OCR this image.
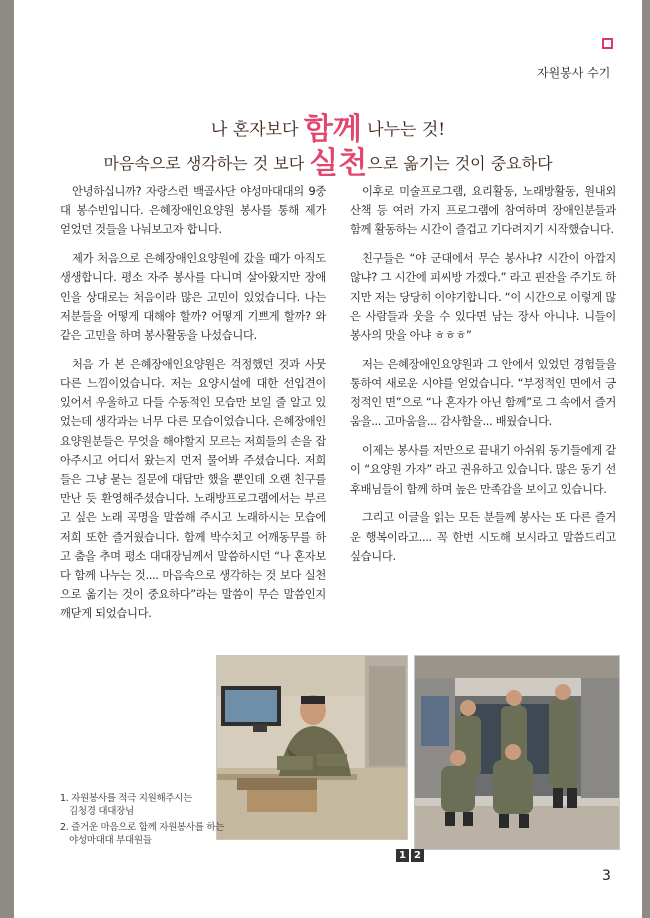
자원봉사 수기
나 혼자보다 함께 나누는 것!
마음속으로 생각하는 것 보다 실천으로 옮기는 것이 중요하다

안녕하십니까? 자랑스런 백골사단 야성마대대의 9중대 봉수빈입니다. 은혜장애인요양원 봉사를 통해 제가 얻었던 것들을 나눠보고자 합니다.

제가 처음으로 은혜장애인요양원에 갔을 때가 아직도 생생합니다. 평소 자주 봉사를 다니며 살아왔지만 장애인을 상대로는 처음이라 많은 고민이 있었습니다. 나는 저분들을 어떻게 대해야 할까? 어떻게 기쁘게 할까? 와 같은 고민을 하며 봉사활동을 나섰습니다.

처음 가 본 은혜장애인요양원은 걱정했던 것과 사뭇 다른 느낌이었습니다. 저는 요양시설에 대한 선입견이 있어서 우울하고 다들 수동적인 모습만 보일 줄 알고 있었는데 생각과는 너무 다른 모습이었습니다. 은혜장애인요양원분들은 무엇을 해야할지 모르는 저희들의 손을 잡아주시고 어디서 왔는지 먼저 물어봐 주셨습니다. 저희들은 그냥 묻는 질문에 대답만 했을 뿐인데 오랜 친구를 만난 듯 환영해주셨습니다. 노래방프로그램에서는 부르고 싶은 노래 곡명을 말씀해 주시고 노래하시는 모습에 저희 또한 즐거웠습니다. 함께 박수치고 어깨동무를 하고 춤을 추며 평소 대대장님께서 말씀하시던 “나 혼자보다 함께 나누는 것.... 마음속으로 생각하는 것 보다 실천으로 옮기는 것이 중요하다”라는 말씀이 무슨 말씀인지 깨닫게 되었습니다.

이후로 미술프로그램, 요리활동, 노래방활동, 원내외 산책 등 여러 가지 프로그램에 참여하며 장애인분들과 함께 활동하는 시간이 즐겁고 기다려지기 시작했습니다.

친구들은 “야 군대에서 무슨 봉사냐? 시간이 아깝지 않냐? 그 시간에 피씨방 가겠다.” 라고 핀잔을 주기도 하지만 저는 당당히 이야기합니다. “이 시간으로 이렇게 많은 사람들과 웃을 수 있다면 남는 장사 아니냐. 니들이 봉사의 맛을 아냐 ㅎㅎㅎ”

저는 은혜장애인요양원과 그 안에서 있었던 경험들을 통하여 새로운 시야를 얻었습니다. “부정적인 면에서 긍정적인 면”으로 “나 혼자가 아닌 함께”로 그 속에서 즐거움을... 고마움을... 감사함을... 배웠습니다.

이제는 봉사를 저만으로 끝내기 아쉬워 동기들에게 같이 “요양원 가자” 라고 권유하고 있습니다. 많은 동기 선후배님들이 함께 하며 높은 만족감을 보이고 있습니다.

그리고 이글을 읽는 모든 분들께 봉사는 또 다른 즐거운 행복이라고.... 꼭 한번 시도해 보시라고 말씀드리고 싶습니다.

1. 자원봉사를 적극 지원해주시는
김청경 대대장님
2. 즐거운 마음으로 함께 자원봉사를 하는
야성마대대 부대원들
1 2
3
